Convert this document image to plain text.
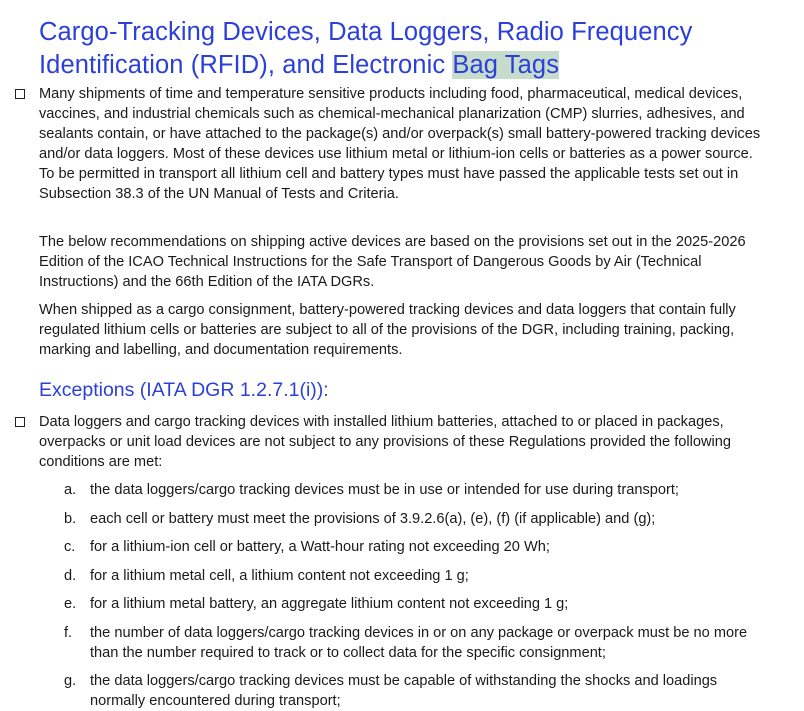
Cargo-Tracking Devices, Data Loggers, Radio Frequency Identification (RFID), and Electronic Bag Tags

Many shipments of time and temperature sensitive products including food, pharmaceutical, medical devices, vaccines, and industrial chemicals such as chemical-mechanical planarization (CMP) slurries, adhesives, and sealants contain, or have attached to the package(s) and/or overpack(s) small battery-powered tracking devices and/or data loggers. Most of these devices use lithium metal or lithium-ion cells or batteries as a power source. To be permitted in transport all lithium cell and battery types must have passed the applicable tests set out in Subsection 38.3 of the UN Manual of Tests and Criteria.

The below recommendations on shipping active devices are based on the provisions set out in the 2025-2026 Edition of the ICAO Technical Instructions for the Safe Transport of Dangerous Goods by Air (Technical Instructions) and the 66th Edition of the IATA DGRs.

When shipped as a cargo consignment, battery-powered tracking devices and data loggers that contain fully regulated lithium cells or batteries are subject to all of the provisions of the DGR, including training, packing, marking and labelling, and documentation requirements.

Exceptions (IATA DGR 1.2.7.1(i)):

Data loggers and cargo tracking devices with installed lithium batteries, attached to or placed in packages, overpacks or unit load devices are not subject to any provisions of these Regulations provided the following conditions are met:

a. the data loggers/cargo tracking devices must be in use or intended for use during transport;
b. each cell or battery must meet the provisions of 3.9.2.6(a), (e), (f) (if applicable) and (g);
c.	for a lithium-ion cell or battery, a Watt-hour rating not exceeding 20 Wh;
d. for a lithium metal cell, a lithium content not exceeding 1 g;
e. for a lithium metal battery, an aggregate lithium content not exceeding 1 g;
f.	the number of data loggers/cargo tracking devices in or on any package or overpack must be no more than the number required to track or to collect data for the specific consignment;
g. the data loggers/cargo tracking devices must be capable of withstanding the shocks and loadings normally encountered during transport;
